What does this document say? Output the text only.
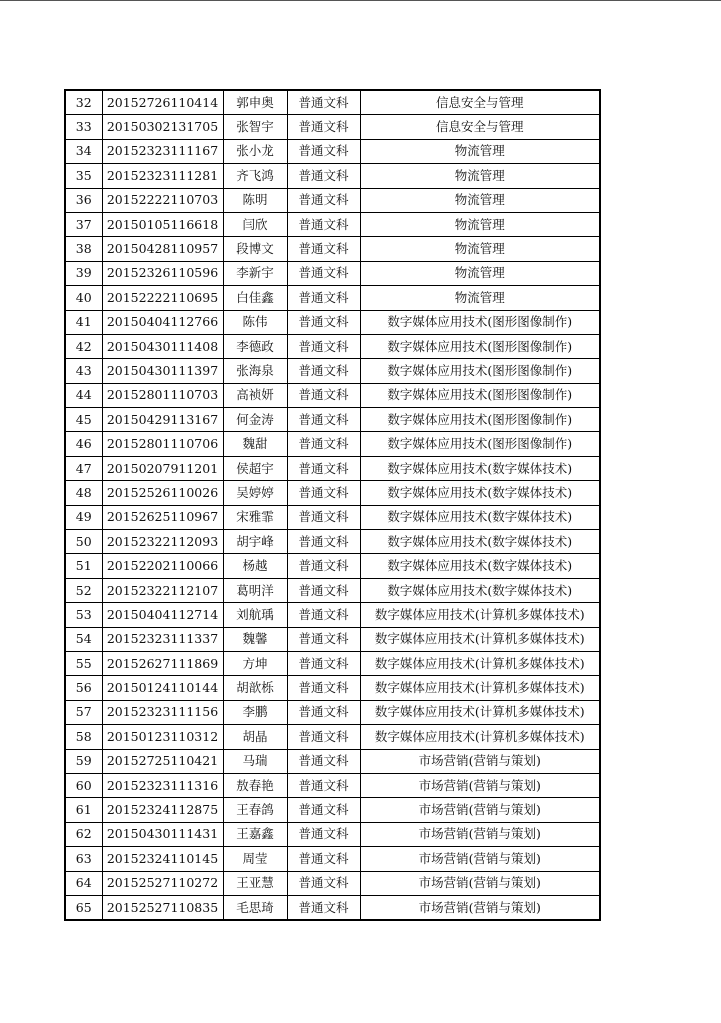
32	20152726110414	郭申奥	普通文科	信息安全与管理
33	20150302131705	张智宇	普通文科	信息安全与管理
34	20152323111167	张小龙	普通文科	物流管理
35	20152323111281	齐飞鸿	普通文科	物流管理
36	20152222110703	陈明	普通文科	物流管理
37	20150105116618	闫欣	普通文科	物流管理
38	20150428110957	段博文	普通文科	物流管理
39	20152326110596	李新宇	普通文科	物流管理
40	20152222110695	白佳鑫	普通文科	物流管理
41	20150404112766	陈伟	普通文科	数字媒体应用技术(图形图像制作)
42	20150430111408	李德政	普通文科	数字媒体应用技术(图形图像制作)
43	20150430111397	张海泉	普通文科	数字媒体应用技术(图形图像制作)
44	20152801110703	高祯妍	普通文科	数字媒体应用技术(图形图像制作)
45	20150429113167	何金涛	普通文科	数字媒体应用技术(图形图像制作)
46	20152801110706	魏甜	普通文科	数字媒体应用技术(图形图像制作)
47	20150207911201	侯超宇	普通文科	数字媒体应用技术(数字媒体技术)
48	20152526110026	吴婷婷	普通文科	数字媒体应用技术(数字媒体技术)
49	20152625110967	宋雅霏	普通文科	数字媒体应用技术(数字媒体技术)
50	20152322112093	胡宇峰	普通文科	数字媒体应用技术(数字媒体技术)
51	20152202110066	杨越	普通文科	数字媒体应用技术(数字媒体技术)
52	20152322112107	葛明洋	普通文科	数字媒体应用技术(数字媒体技术)
53	20150404112714	刘航瑀	普通文科	数字媒体应用技术(计算机多媒体技术)
54	20152323111337	魏馨	普通文科	数字媒体应用技术(计算机多媒体技术)
55	20152627111869	方坤	普通文科	数字媒体应用技术(计算机多媒体技术)
56	20150124110144	胡歆栎	普通文科	数字媒体应用技术(计算机多媒体技术)
57	20152323111156	李鹏	普通文科	数字媒体应用技术(计算机多媒体技术)
58	20150123110312	胡晶	普通文科	数字媒体应用技术(计算机多媒体技术)
59	20152725110421	马瑞	普通文科	市场营销(营销与策划)
60	20152323111316	敖春艳	普通文科	市场营销(营销与策划)
61	20152324112875	王春鸽	普通文科	市场营销(营销与策划)
62	20150430111431	王嘉鑫	普通文科	市场营销(营销与策划)
63	20152324110145	周莹	普通文科	市场营销(营销与策划)
64	20152527110272	王亚慧	普通文科	市场营销(营销与策划)
65	20152527110835	毛思琦	普通文科	市场营销(营销与策划)
